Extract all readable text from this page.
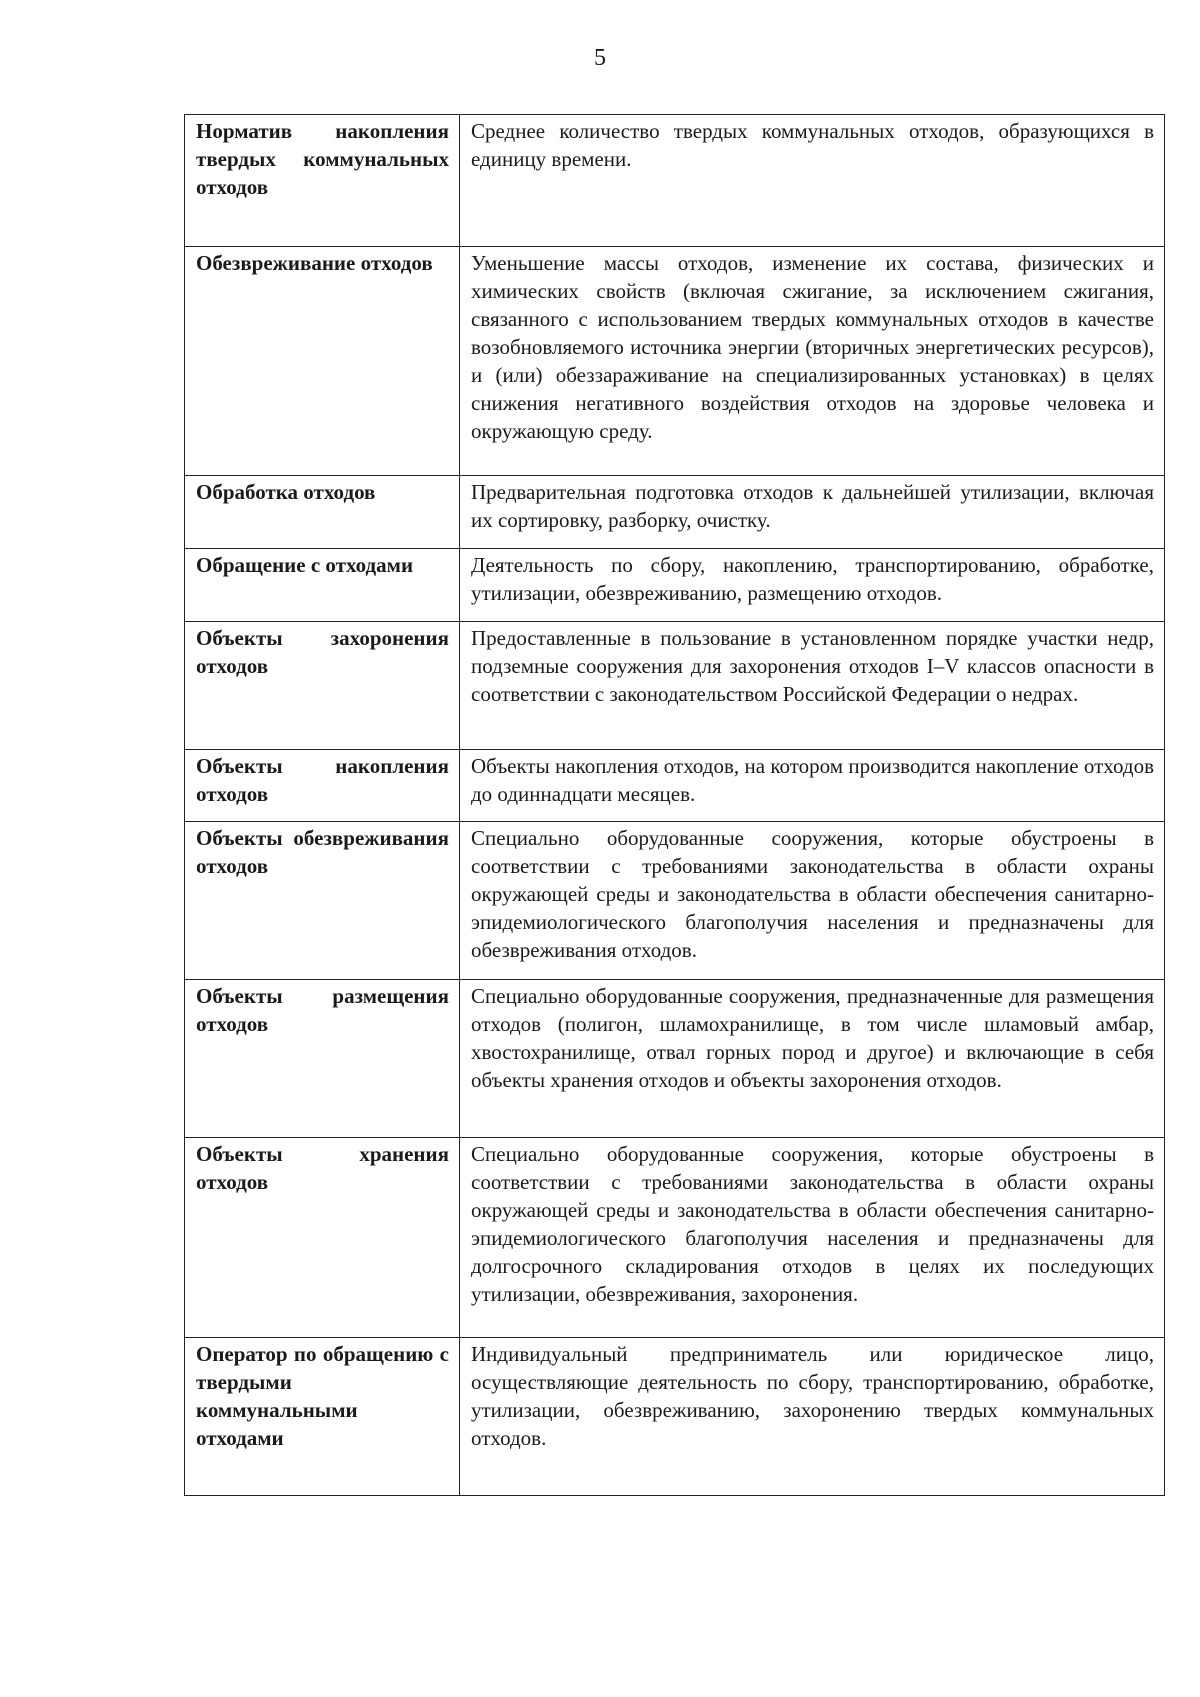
5
Норматив накопления твердых коммунальных отходов	Среднее количество твердых коммунальных отходов, образующихся в единицу времени.
Обезвреживание отходов	Уменьшение массы отходов, изменение их состава, физических и химических свойств (включая сжигание, за исключением сжигания, связанного с использованием твердых коммунальных отходов в качестве возобновляемого источника энергии (вторичных энергетических ресурсов), и (или) обеззараживание на специализированных установках) в целях снижения негативного воздействия отходов на здоровье человека и окружающую среду.
Обработка отходов	Предварительная подготовка отходов к дальнейшей утилизации, включая их сортировку, разборку, очистку.
Обращение с отходами	Деятельность по сбору, накоплению, транспортированию, обработке, утилизации, обезвреживанию, размещению отходов.
Объекты захоронения отходов	Предоставленные в пользование в установленном порядке участки недр, подземные сооружения для захоронения отходов I–V классов опасности в соответствии с законодательством Российской Федерации о недрах.
Объекты накопления отходов	Объекты накопления отходов, на котором производится накопление отходов до одиннадцати месяцев.
Объекты обезвреживания отходов	Специально оборудованные сооружения, которые обустроены в соответствии с требованиями законодательства в области охраны окружающей среды и законодательства в области обеспечения санитарно-эпидемиологического благополучия населения и предназначены для обезвреживания отходов.
Объекты размещения отходов	Специально оборудованные сооружения, предназначенные для размещения отходов (полигон, шламохранилище, в том числе шламовый амбар, хвостохранилище, отвал горных пород и другое) и включающие в себя объекты хранения отходов и объекты захоронения отходов.
Объекты хранения отходов	Специально оборудованные сооружения, которые обустроены в соответствии с требованиями законодательства в области охраны окружающей среды и законодательства в области обеспечения санитарно-эпидемиологического благополучия населения и предназначены для долгосрочного складирования отходов в целях их последующих утилизации, обезвреживания, захоронения.
Оператор по обращению с твердыми коммунальными отходами	Индивидуальный предприниматель или юридическое лицо, осуществляющие деятельность по сбору, транспортированию, обработке, утилизации, обезвреживанию, захоронению твердых коммунальных отходов.
